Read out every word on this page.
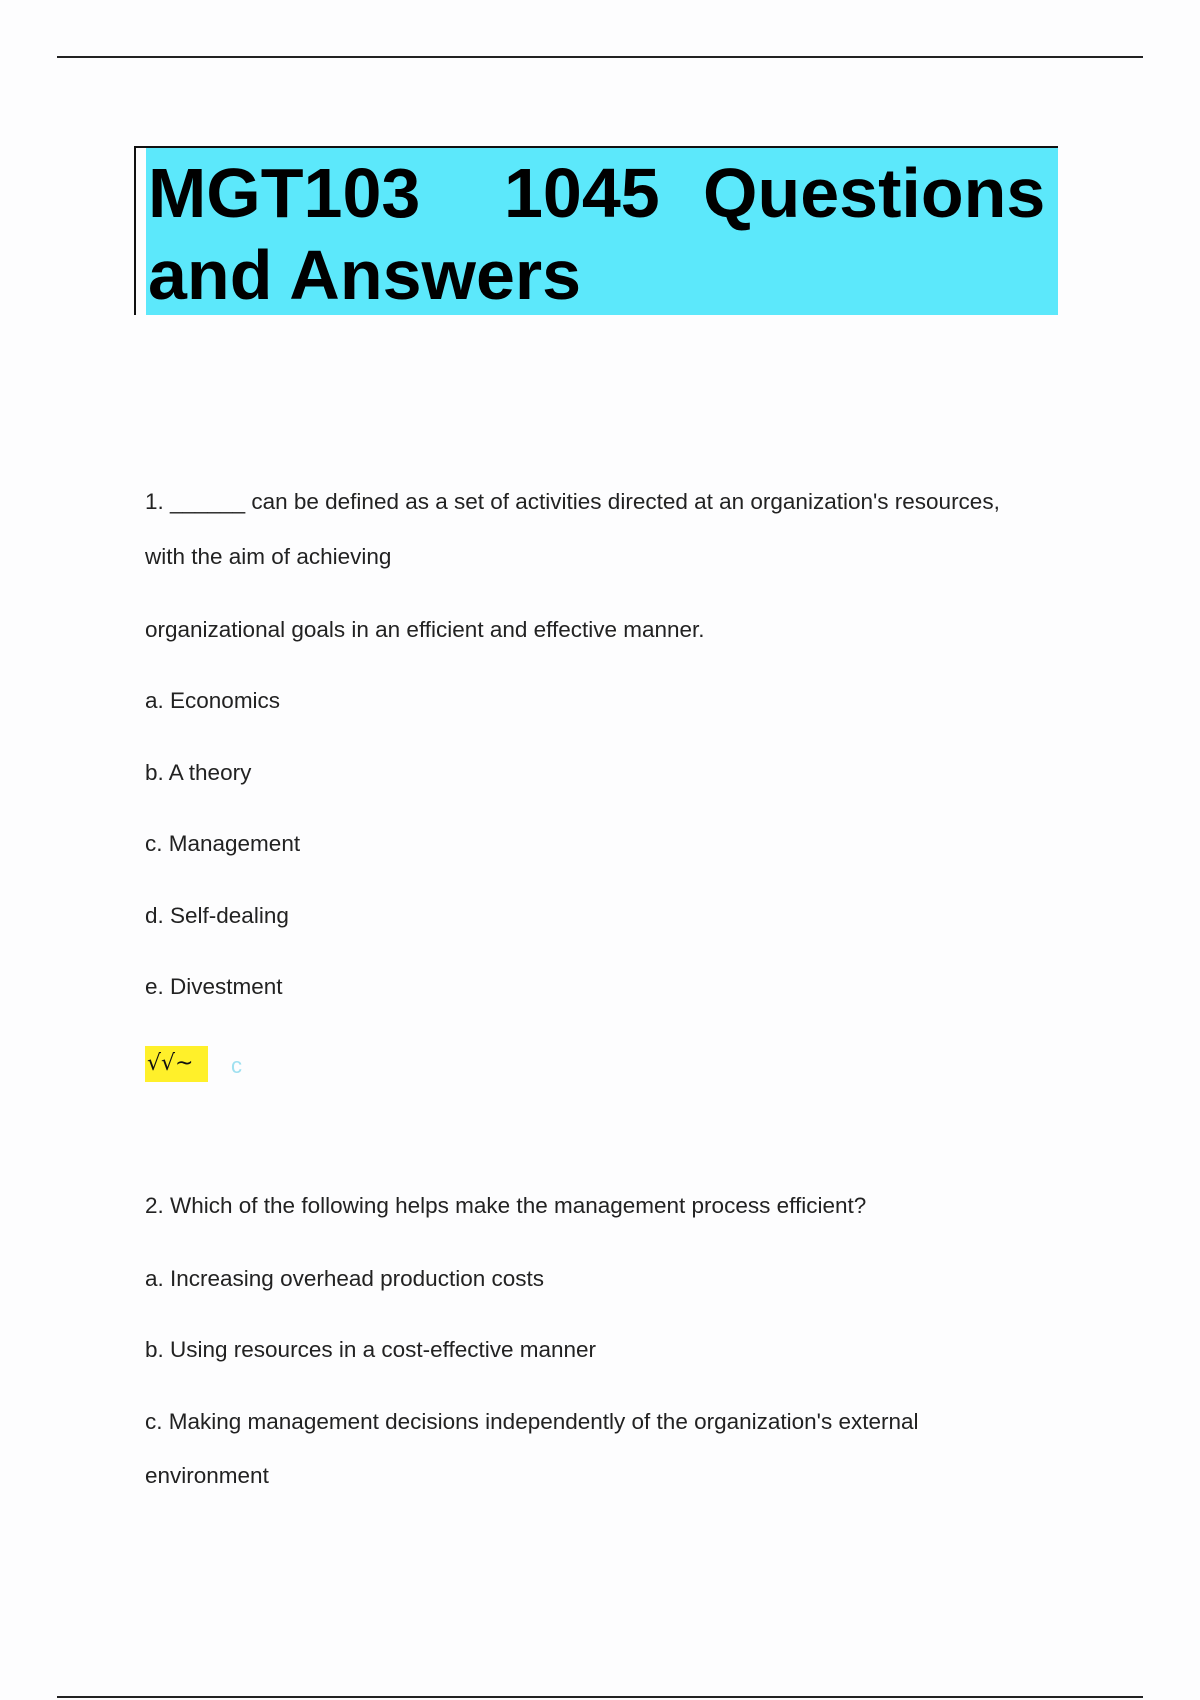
MGT103 1045 Questions
and Answers
1. ______ can be defined as a set of activities directed at an organization's resources,
with the aim of achieving
organizational goals in an efficient and effective manner.
a. Economics
b. A theory
c. Management
d. Self-dealing
e. Divestment
√√~	c
2. Which of the following helps make the management process efficient?
a. Increasing overhead production costs
b. Using resources in a cost-effective manner
c. Making management decisions independently of the organization's external
environment
